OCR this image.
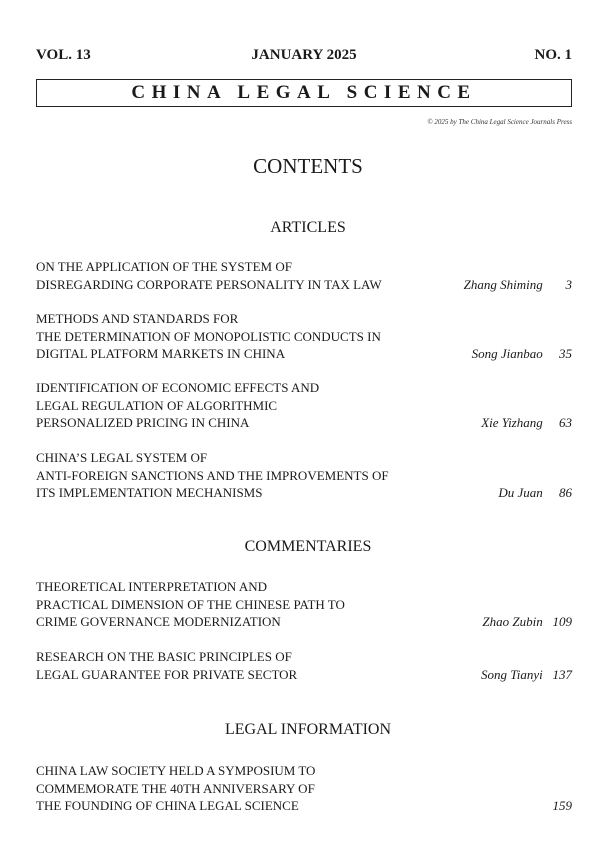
VOL. 13	JANUARY 2025	NO. 1
CHINA LEGAL SCIENCE
© 2025 by The China Legal Science Journals Press
CONTENTS
ARTICLES
ON THE APPLICATION OF THE SYSTEM OF
DISREGARDING CORPORATE PERSONALITY IN TAX LAW	Zhang Shiming 3
METHODS AND STANDARDS FOR
THE DETERMINATION OF MONOPOLISTIC CONDUCTS IN
DIGITAL PLATFORM MARKETS IN CHINA	Song Jianbao 35
IDENTIFICATION OF ECONOMIC EFFECTS AND
LEGAL REGULATION OF ALGORITHMIC
PERSONALIZED PRICING IN CHINA	Xie Yizhang 63
CHINA’S LEGAL SYSTEM OF
ANTI-FOREIGN SANCTIONS AND THE IMPROVEMENTS OF
ITS IMPLEMENTATION MECHANISMS	Du Juan 86
COMMENTARIES
THEORETICAL INTERPRETATION AND
PRACTICAL DIMENSION OF THE CHINESE PATH TO
CRIME GOVERNANCE MODERNIZATION	Zhao Zubin 109
RESEARCH ON THE BASIC PRINCIPLES OF
LEGAL GUARANTEE FOR PRIVATE SECTOR	Song Tianyi 137
LEGAL INFORMATION
CHINA LAW SOCIETY HELD A SYMPOSIUM TO
COMMEMORATE THE 40TH ANNIVERSARY OF
THE FOUNDING OF CHINA LEGAL SCIENCE	159
